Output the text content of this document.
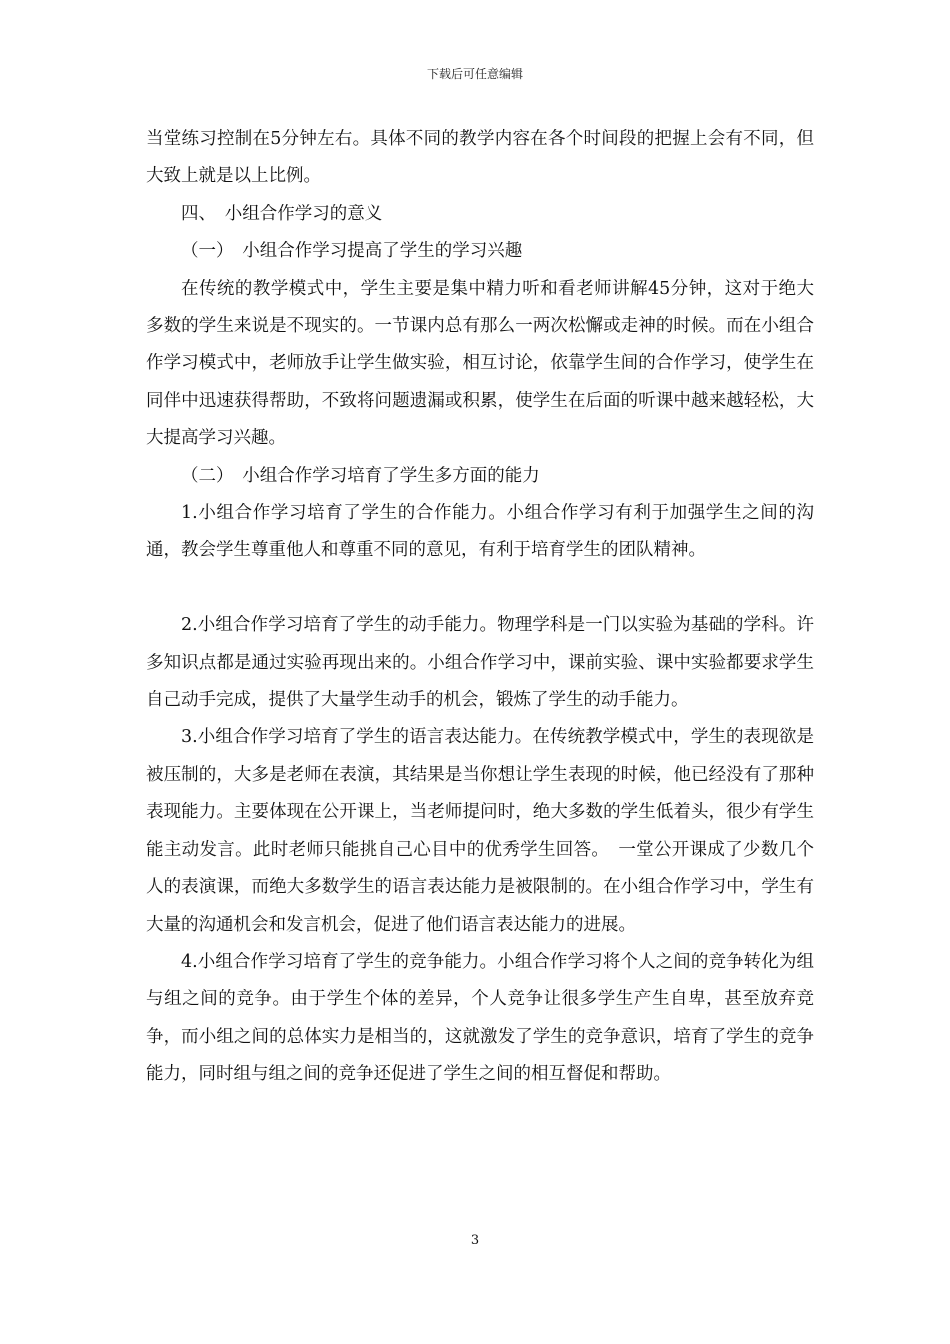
下载后可任意编辑

当堂练习控制在5分钟左右。具体不同的教学内容在各个时间段的把握上会有不同，但大致上就是以上比例。

四、　小组合作学习的意义

（一）　小组合作学习提高了学生的学习兴趣

在传统的教学模式中，学生主要是集中精力听和看老师讲解45分钟，这对于绝大多数的学生来说是不现实的。一节课内总有那么一两次松懈或走神的时候。而在小组合作学习模式中，老师放手让学生做实验，相互讨论，依靠学生间的合作学习，使学生在同伴中迅速获得帮助，不致将问题遗漏或积累，使学生在后面的听课中越来越轻松，大大提高学习兴趣。

（二）　小组合作学习培育了学生多方面的能力

1.小组合作学习培育了学生的合作能力。小组合作学习有利于加强学生之间的沟通，教会学生尊重他人和尊重不同的意见，有利于培育学生的团队精神。

2.小组合作学习培育了学生的动手能力。物理学科是一门以实验为基础的学科。许多知识点都是通过实验再现出来的。小组合作学习中，课前实验、课中实验都要求学生自己动手完成，提供了大量学生动手的机会，锻炼了学生的动手能力。

3.小组合作学习培育了学生的语言表达能力。在传统教学模式中，学生的表现欲是被压制的，大多是老师在表演，其结果是当你想让学生表现的时候，他已经没有了那种表现能力。主要体现在公开课上，当老师提问时，绝大多数的学生低着头，很少有学生能主动发言。此时老师只能挑自己心目中的优秀学生回答。　一堂公开课成了少数几个人的表演课，而绝大多数学生的语言表达能力是被限制的。在小组合作学习中，学生有大量的沟通机会和发言机会，促进了他们语言表达能力的进展。

4.小组合作学习培育了学生的竞争能力。小组合作学习将个人之间的竞争转化为组与组之间的竞争。由于学生个体的差异，个人竞争让很多学生产生自卑，甚至放弃竞争，而小组之间的总体实力是相当的，这就激发了学生的竞争意识，培育了学生的竞争能力，同时组与组之间的竞争还促进了学生之间的相互督促和帮助。

3
